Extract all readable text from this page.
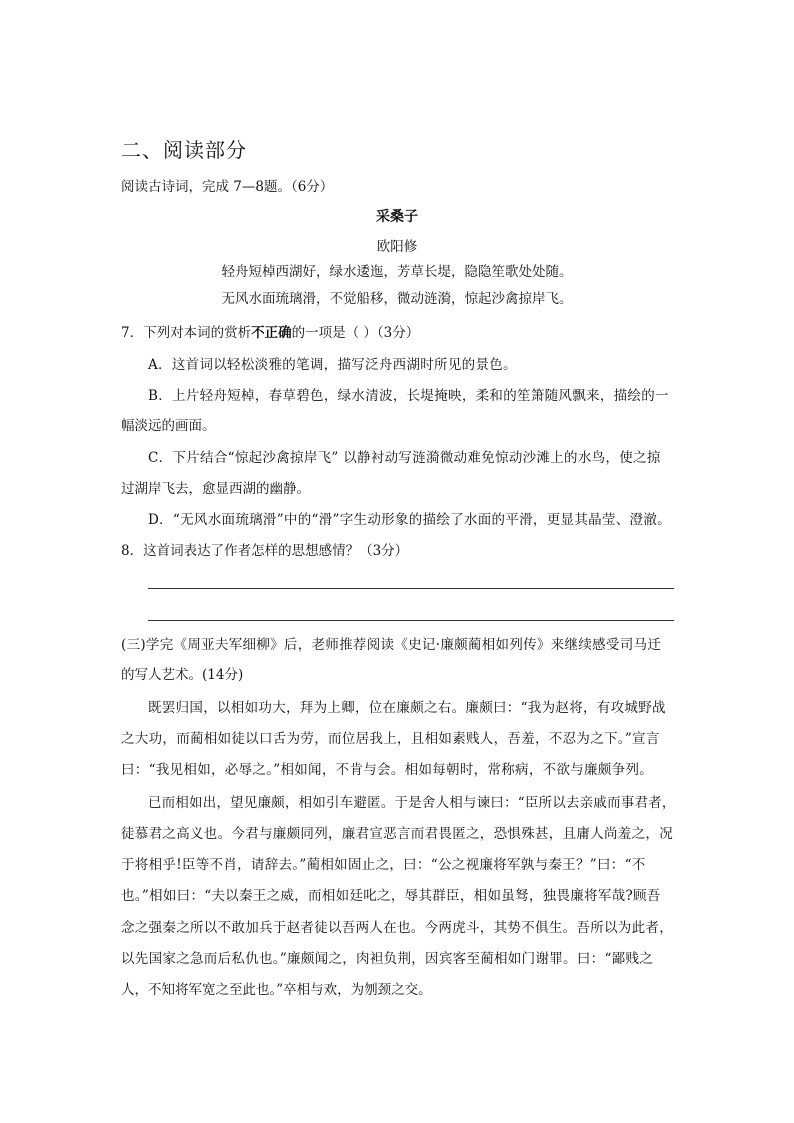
二、阅读部分
阅读古诗词，完成 7—8题。（6分）
采桑子
欧阳修
轻舟短棹西湖好，绿水逶迤，芳草长堤，隐隐笙歌处处随。
无风水面琉璃滑，不觉船移，微动涟漪，惊起沙禽掠岸飞。
7．下列对本词的赏析不正确的一项是（ ）（3分）
A．这首词以轻松淡雅的笔调，描写泛舟西湖时所见的景色。
B．上片轻舟短棹，春草碧色，绿水清波，长堤掩映，柔和的笙箫随风飘来，描绘的一
幅淡远的画面。
C．下片结合“惊起沙禽掠岸飞” 以静衬动写涟漪微动难免惊动沙滩上的水鸟，使之掠
过湖岸飞去，愈显西湖的幽静。
D．“无风水面琉璃滑”中的“滑”字生动形象的描绘了水面的平滑，更显其晶莹、澄澈。
8．这首词表达了作者怎样的思想感情？（3分）
(三)学完《周亚夫军细柳》后，老师推荐阅读《史记·廉颇蔺相如列传》来继续感受司马迁
的写人艺术。(14分)
既罢归国，以相如功大，拜为上卿，位在廉颇之右。廉颇曰：“我为赵将，有攻城野战
之大功，而蔺相如徒以口舌为劳，而位居我上，且相如素贱人，吾羞，不忍为之下。”宣言
曰：“我见相如，必辱之。”相如闻，不肯与会。相如每朝时，常称病，不欲与廉颇争列。
已而相如出，望见廉颇，相如引车避匿。于是舍人相与谏曰：“臣所以去亲戚而事君者，
徒慕君之高义也。今君与廉颇同列，廉君宣恶言而君畏匿之，恐惧殊甚，且庸人尚羞之，况
于将相乎!臣等不肖，请辞去。”蔺相如固止之，曰：“公之视廉将军孰与秦王？”曰：“不
也。”相如曰：“夫以秦王之威，而相如廷叱之，辱其群臣，相如虽驽，独畏廉将军哉?顾吾
念之强秦之所以不敢加兵于赵者徒以吾两人在也。今两虎斗，其势不俱生。吾所以为此者，
以先国家之急而后私仇也。”廉颇闻之，肉袒负荆，因宾客至蔺相如门谢罪。曰：“鄙贱之
人，不知将军宽之至此也。”卒相与欢，为刎颈之交。
